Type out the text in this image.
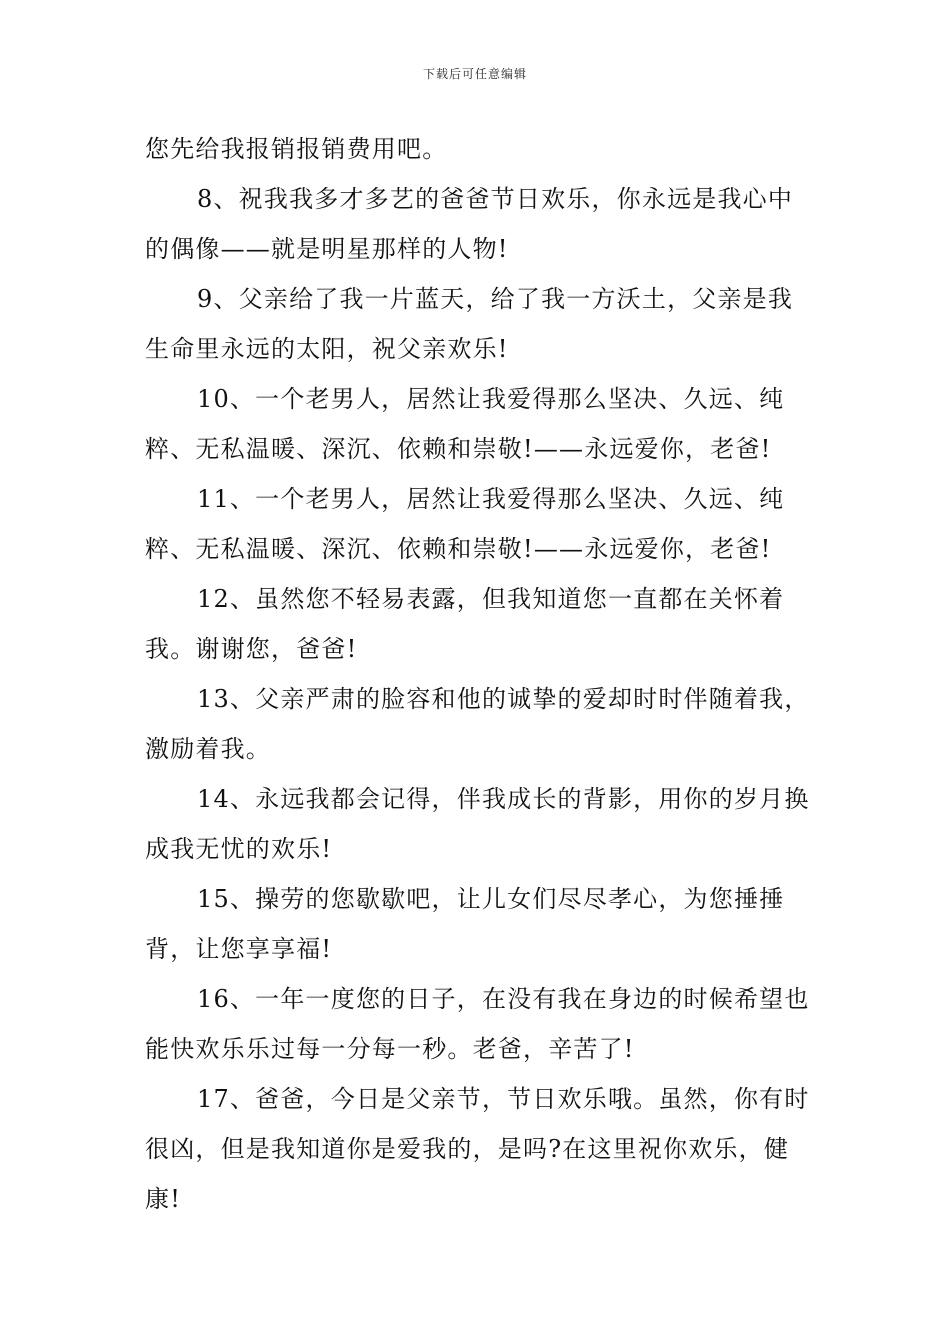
下载后可任意编辑

您先给我报销报销费用吧。

8、祝我我多才多艺的爸爸节日欢乐，你永远是我心中的偶像——就是明星那样的人物!

9、父亲给了我一片蓝天，给了我一方沃土，父亲是我生命里永远的太阳，祝父亲欢乐!

10、一个老男人，居然让我爱得那么坚决、久远、纯粹、无私温暖、深沉、依赖和崇敬!——永远爱你，老爸!

11、一个老男人，居然让我爱得那么坚决、久远、纯粹、无私温暖、深沉、依赖和崇敬!——永远爱你，老爸!

12、虽然您不轻易表露，但我知道您一直都在关怀着我。谢谢您，爸爸!

13、父亲严肃的脸容和他的诚挚的爱却时时伴随着我，激励着我。

14、永远我都会记得，伴我成长的背影，用你的岁月换成我无忧的欢乐!

15、操劳的您歇歇吧，让儿女们尽尽孝心，为您捶捶背，让您享享福!

16、一年一度您的日子，在没有我在身边的时候希望也能快欢乐乐过每一分每一秒。老爸，辛苦了!

17、爸爸，今日是父亲节，节日欢乐哦。虽然，你有时很凶，但是我知道你是爱我的，是吗?在这里祝你欢乐，健康!
